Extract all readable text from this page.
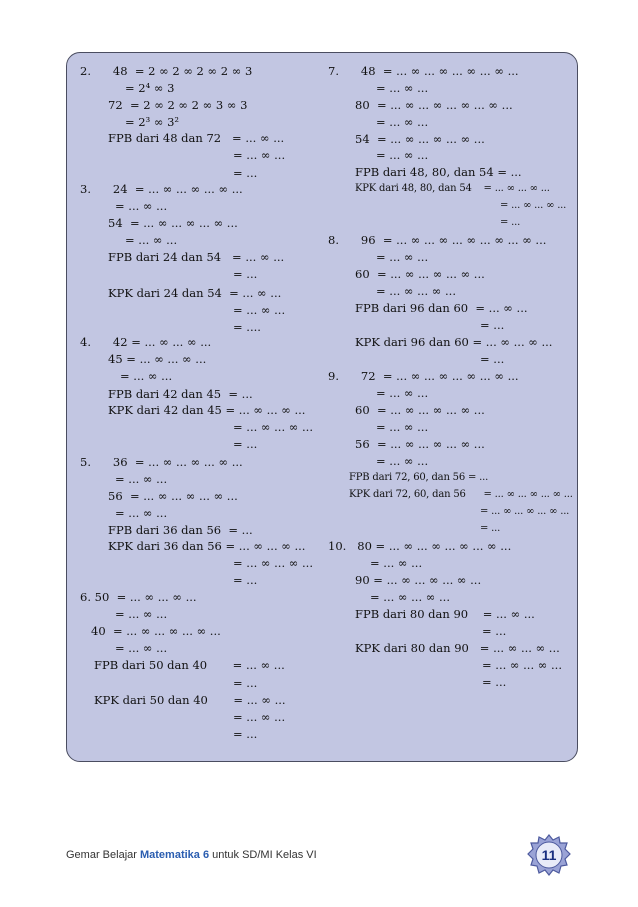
2.      48  = 2 ∞ 2 ∞ 2 ∞ 2 ∞ 3
= 2⁴ ∞ 3
72  = 2 ∞ 2 ∞ 2 ∞ 3 ∞ 3
= 2³ ∞ 3²
FPB dari 48 dan 72   = ... ∞ ...
= ... ∞ ...
= ...
3.      24  = ... ∞ ... ∞ ... ∞ ...
= ... ∞ ...
54  = ... ∞ ... ∞ ... ∞ ...
= ... ∞ ...
FPB dari 24 dan 54   = ... ∞ ...
= ...
KPK dari 24 dan 54  = ... ∞ ...
= ... ∞ ...
= ....
4.      42 = ... ∞ ... ∞ ...
45 = ... ∞ ... ∞ ...
= ... ∞ ...
FPB dari 42 dan 45  = ...
KPK dari 42 dan 45 = ... ∞ ... ∞ ...
= ... ∞ ... ∞ ...
= ...
5.      36  = ... ∞ ... ∞ ... ∞ ...
= ... ∞ ...
56  = ... ∞ ... ∞ ... ∞ ...
= ... ∞ ...
FPB dari 36 dan 56  = ...
KPK dari 36 dan 56 = ... ∞ ... ∞ ...
= ... ∞ ... ∞ ...
= ...
6. 50  = ... ∞ ... ∞ ...
= ... ∞ ...
40  = ... ∞ ... ∞ ... ∞ ...
= ... ∞ ...
FPB dari 50 dan 40       = ... ∞ ...
= ...
KPK dari 50 dan 40       = ... ∞ ...
= ... ∞ ...
= ...
7.      48  = ... ∞ ... ∞ ... ∞ ... ∞ ...
= ... ∞ ...
80  = ... ∞ ... ∞ ... ∞ ... ∞ ...
= ... ∞ ...
54  = ... ∞ ... ∞ ... ∞ ...
= ... ∞ ...
FPB dari 48, 80, dan 54 = ...
KPK dari 48, 80, dan 54    = ... ∞ ... ∞ ...
= ... ∞ ... ∞ ...
= ...
8.      96  = ... ∞ ... ∞ ... ∞ ... ∞ ... ∞ ...
= ... ∞ ...
60  = ... ∞ ... ∞ ... ∞ ...
= ... ∞ ... ∞ ...
FPB dari 96 dan 60  = ... ∞ ...
= ...
KPK dari 96 dan 60 = ... ∞ ... ∞ ...
= ...
9.      72  = ... ∞ ... ∞ ... ∞ ... ∞ ...
= ... ∞ ...
60  = ... ∞ ... ∞ ... ∞ ...
= ... ∞ ...
56  = ... ∞ ... ∞ ... ∞ ...
= ... ∞ ...
FPB dari 72, 60, dan 56 = ...
KPK dari 72, 60, dan 56      = ... ∞ ... ∞ ... ∞ ...
= ... ∞ ... ∞ ... ∞ ...
= ...
10.   80 = ... ∞ ... ∞ ... ∞ ... ∞ ...
= ... ∞ ...
90 = ... ∞ ... ∞ ... ∞ ...
= ... ∞ ... ∞ ...
FPB dari 80 dan 90    = ... ∞ ...
= ...
KPK dari 80 dan 90   = ... ∞ ... ∞ ...
= ... ∞ ... ∞ ...
= ...
Gemar Belajar Matematika 6 untuk SD/MI Kelas VI	11
